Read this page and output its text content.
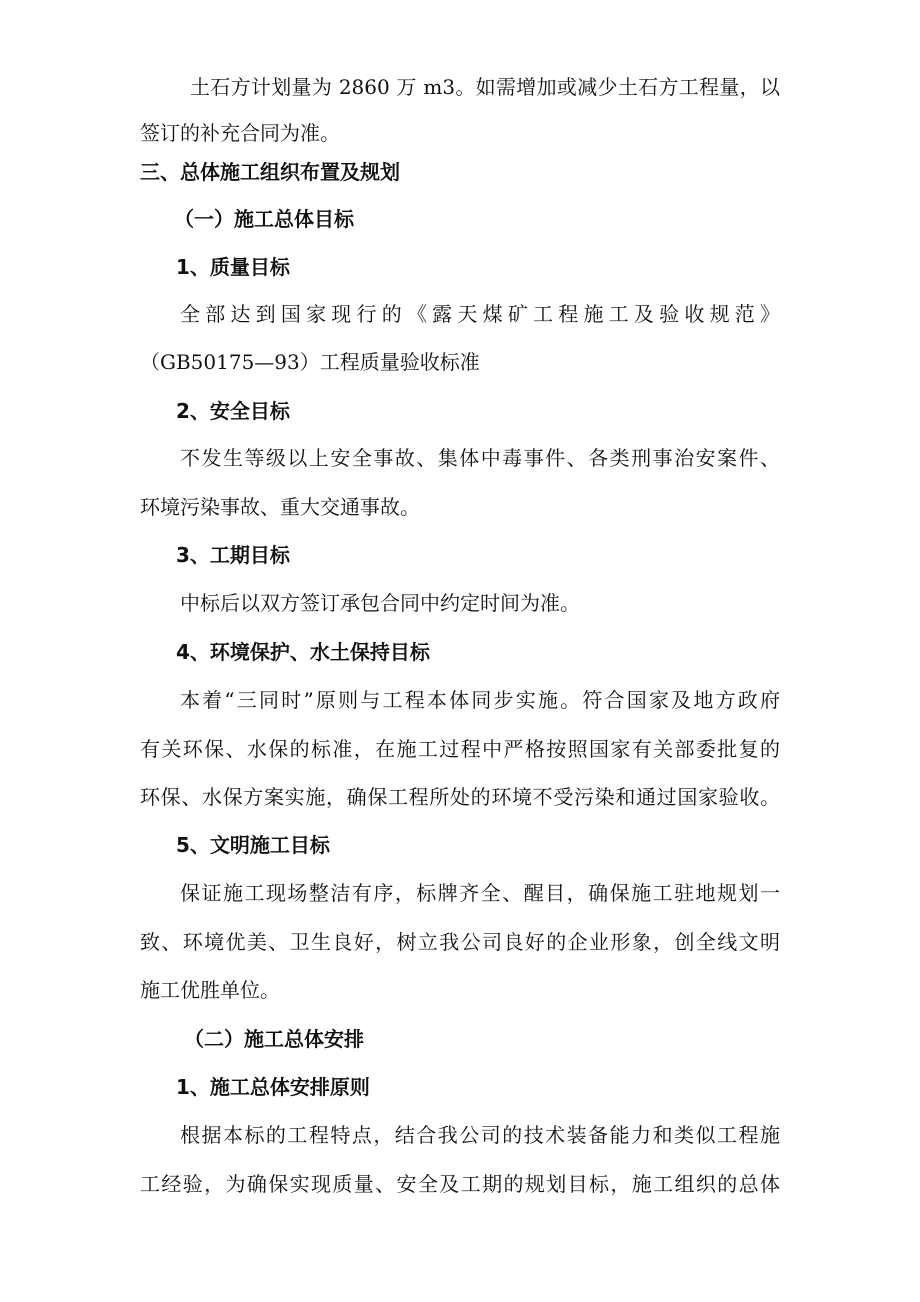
土石方计划量为 2860 万 m3。如需增加或减少土石方工程量，以
签订的补充合同为准。
三、总体施工组织布置及规划
（一）施工总体目标
1、质量目标
全部达到国家现行的《露天煤矿工程施工及验收规范》
（GB50175—93）工程质量验收标准
2、安全目标
不发生等级以上安全事故、集体中毒事件、各类刑事治安案件、
环境污染事故、重大交通事故。
3、工期目标
中标后以双方签订承包合同中约定时间为准。
4、环境保护、水土保持目标
本着“三同时”原则与工程本体同步实施。符合国家及地方政府
有关环保、水保的标准，在施工过程中严格按照国家有关部委批复的
环保、水保方案实施，确保工程所处的环境不受污染和通过国家验收。
5、文明施工目标
保证施工现场整洁有序，标牌齐全、醒目，确保施工驻地规划一
致、环境优美、卫生良好，树立我公司良好的企业形象，创全线文明
施工优胜单位。
（二）施工总体安排
1、施工总体安排原则
根据本标的工程特点，结合我公司的技术装备能力和类似工程施
工经验，为确保实现质量、安全及工期的规划目标，施工组织的总体
